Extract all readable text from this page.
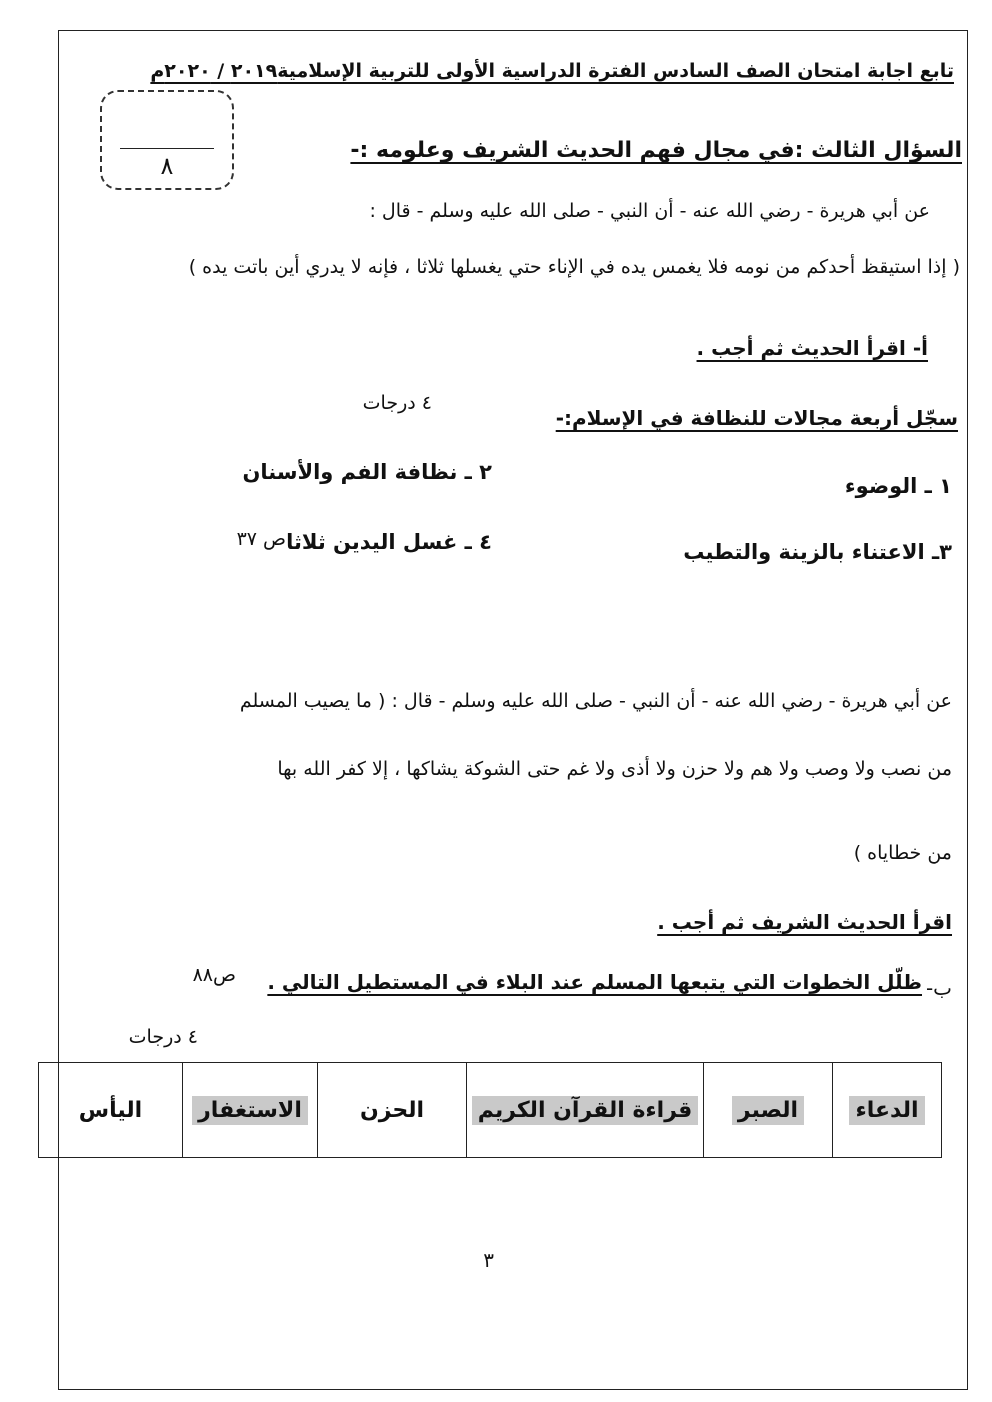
تابع اجابة امتحان الصف السادس الفترة الدراسية الأولى للتربية الإسلامية٢٠١٩ / ٢٠٢٠م
٨
السؤال الثالث :في مجال فهم الحديث الشريف وعلومه :-
عن أبي هريرة - رضي الله عنه - أن النبي - صلى الله عليه وسلم - قال :
( إذا استيقظ أحدكم من نومه فلا يغمس يده في الإناء حتي يغسلها ثلاثا ، فإنه لا يدري أين باتت يده )
أ- اقرأ الحديث ثم أجب .
سجّل أربعة مجالات للنظافة في الإسلام:-
٤ درجات
١ ـ الوضوء
٢ ـ نظافة الفم والأسنان
٣ـ الاعتناء بالزينة والتطيب
٤ ـ غسل اليدين ثلاثا
ص ٣٧
عن أبي هريرة - رضي الله عنه - أن النبي - صلى الله عليه وسلم - قال : ( ما يصيب المسلم
من نصب ولا وصب ولا هم ولا حزن ولا أذى ولا غم حتى الشوكة يشاكها ، إلا كفر الله بها
من خطاياه )
اقرأ الحديث الشريف ثم أجب .
ب-
ظلّل الخطوات التي يتبعها المسلم عند البلاء في المستطيل التالي .
ص٨٨
٤ درجات
الدعاء	الصبر	قراءة القرآن الكريم	الحزن	الاستغفار	اليأس
٣
